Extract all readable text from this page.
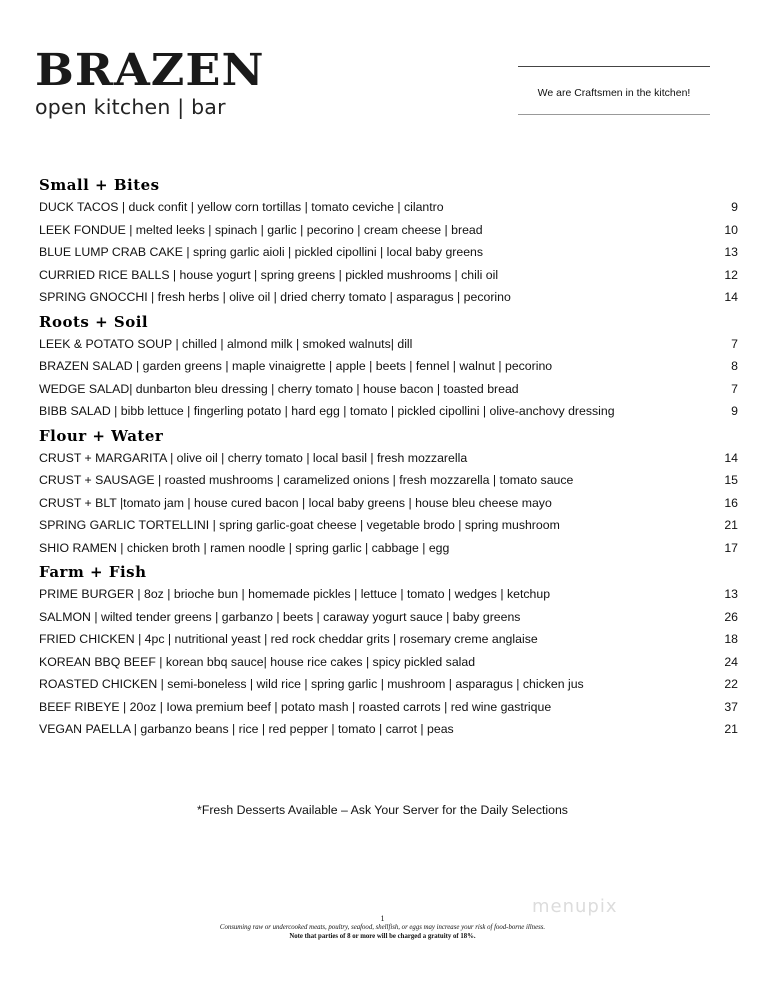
BRAZEN
open kitchen | bar
We are Craftsmen in the kitchen!
Small + Bites
DUCK TACOS | duck confit | yellow corn tortillas | tomato ceviche | cilantro	9
LEEK FONDUE | melted leeks | spinach | garlic | pecorino | cream cheese | bread	10
BLUE LUMP CRAB CAKE | spring garlic aioli | pickled cipollini | local baby greens	13
CURRIED RICE BALLS | house yogurt | spring greens | pickled mushrooms | chili oil	12
SPRING GNOCCHI | fresh herbs | olive oil | dried cherry tomato | asparagus | pecorino	14
Roots + Soil
LEEK & POTATO SOUP | chilled | almond milk | smoked walnuts| dill	7
BRAZEN SALAD | garden greens | maple vinaigrette | apple | beets | fennel | walnut | pecorino	8
WEDGE SALAD| dunbarton bleu dressing | cherry tomato | house bacon | toasted bread	7
BIBB SALAD | bibb lettuce | fingerling potato | hard egg | tomato | pickled cipollini | olive-anchovy dressing	9
Flour + Water
CRUST + MARGARITA | olive oil | cherry tomato | local basil | fresh mozzarella	14
CRUST + SAUSAGE | roasted mushrooms | caramelized onions | fresh mozzarella | tomato sauce	15
CRUST + BLT |tomato jam | house cured bacon | local baby greens | house bleu cheese mayo	16
SPRING GARLIC TORTELLINI | spring garlic-goat cheese | vegetable brodo | spring mushroom	21
SHIO RAMEN | chicken broth | ramen noodle | spring garlic | cabbage | egg	17
Farm + Fish
PRIME BURGER | 8oz | brioche bun | homemade pickles | lettuce | tomato | wedges | ketchup	13
SALMON | wilted tender greens | garbanzo | beets | caraway yogurt sauce | baby greens	26
FRIED CHICKEN | 4pc | nutritional yeast | red rock cheddar grits | rosemary creme anglaise	18
KOREAN BBQ BEEF | korean bbq sauce| house rice cakes | spicy pickled salad	24
ROASTED CHICKEN | semi-boneless | wild rice | spring garlic | mushroom | asparagus | chicken jus	22
BEEF RIBEYE | 20oz | Iowa premium beef | potato mash | roasted carrots | red wine gastrique	37
VEGAN PAELLA | garbanzo beans | rice | red pepper | tomato | carrot | peas	21
*Fresh Desserts Available – Ask Your Server for the Daily Selections
1
Consuming raw or undercooked meats, poultry, seafood, shellfish, or eggs may increase your risk of food-borne illness.
Note that parties of 8 or more will be charged a gratuity of 18%.
menupix
